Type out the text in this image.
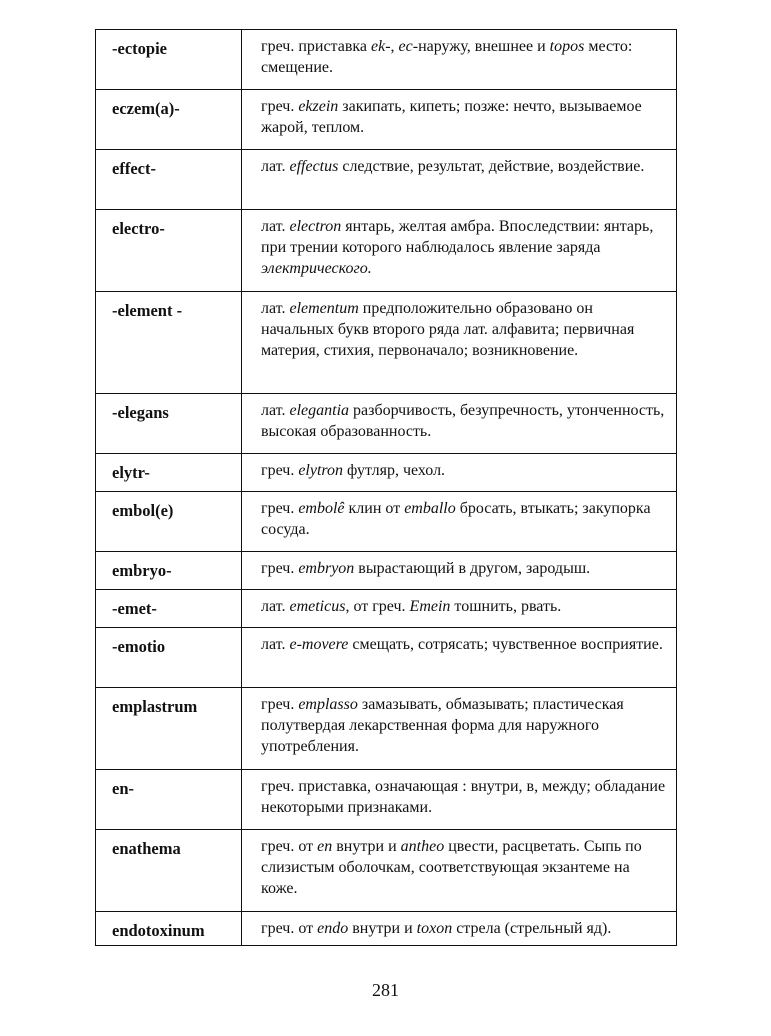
-ectopie	греч. приставка ek-, ec-наружу, внешнее и topos место: смещение.
eczem(a)-	греч. ekzein закипать, кипеть; позже: нечто, вызываемое жарой, теплом.
effect-	лат. effectus следствие, результат, действие, воздействие.
electro-	лат. electron янтарь, желтая амбра. Впоследствии: янтарь, при трении которого наблюдалось явление заряда электрического.
-element -	лат. elementum предположительно образовано он начальных букв второго ряда лат. алфавита; первичная материя, стихия, первоначало; возникновение.
-elegans	лат. elegantia разборчивость, безупречность, утонченность, высокая образованность.
elytr-	греч. elytron футляр, чехол.
embol(e)	греч. embolê клин от emballo бросать, втыкать; закупорка сосуда.
embryo-	греч. embryon вырастающий в другом, зародыш.
-emet-	лат. emeticus, от греч. Emein тошнить, рвать.
-emotio	лат. e-movere смещать, сотрясать; чувственное восприятие.
emplastrum	греч. emplasso замазывать, обмазывать; пластическая полутвердая лекарственная форма для наружного употребления.
en-	греч. приставка, означающая : внутри, в, между; обладание некоторыми признаками.
enathema	греч. от en внутри и antheo цвести, расцветать. Сыпь по слизистым оболочкам, соответствующая экзантеме на коже.
endotoxinum	греч. от endo внутри и toxon стрела (стрельный яд).
281
